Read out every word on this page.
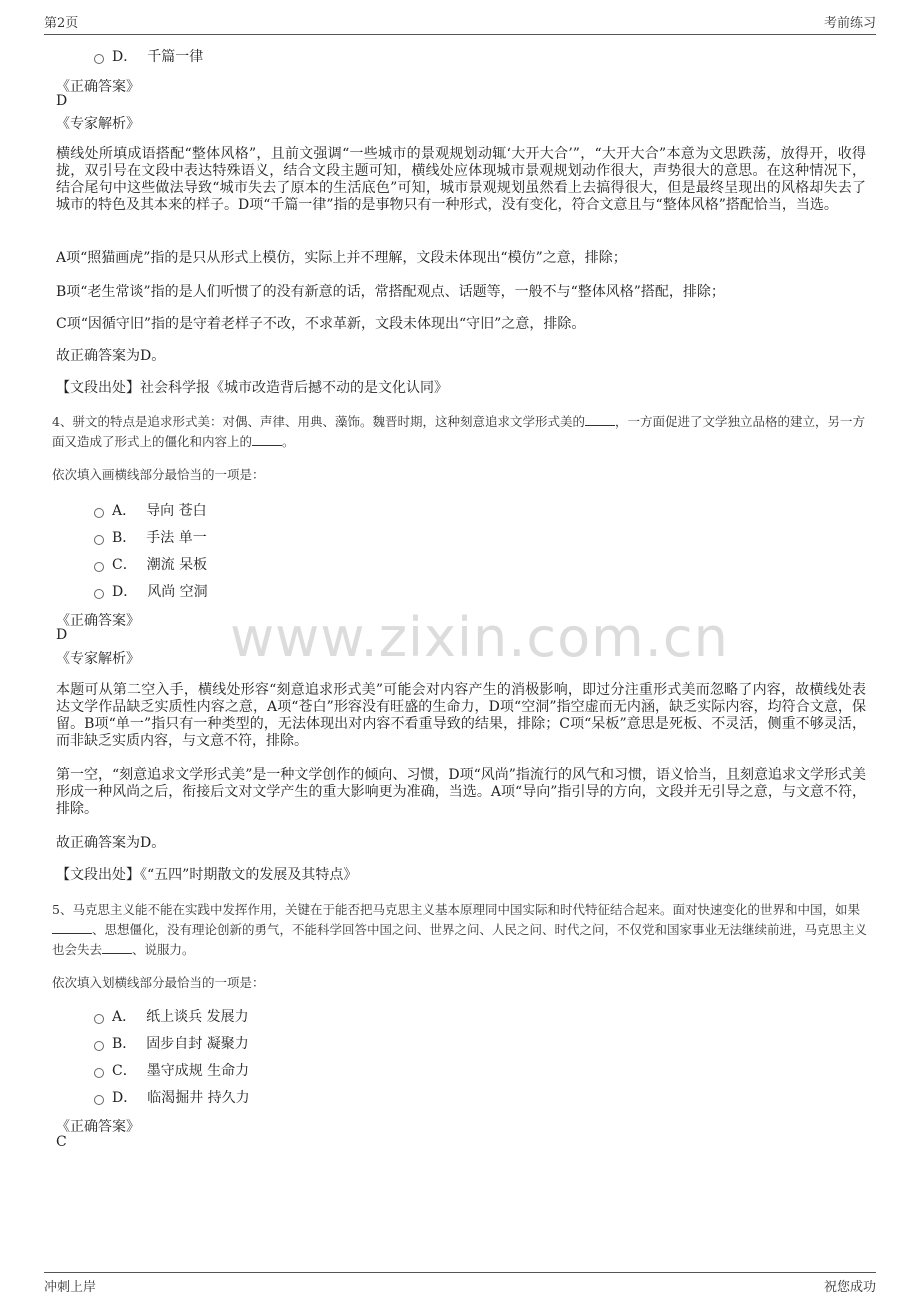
第2页	考前练习
www.zixin.com.cn
D． 千篇一律
《正确答案》
D
《专家解析》
横线处所填成语搭配“整体风格”，且前文强调“一些城市的景观规划动辄‘大开大合’”，“大开大合”本意为文思跌荡，放得开，收得拢，双引号在文段中表达特殊语义，结合文段主题可知，横线处应体现城市景观规划动作很大，声势很大的意思。在这种情况下，结合尾句中这些做法导致“城市失去了原本的生活底色”可知，城市景观规划虽然看上去搞得很大，但是最终呈现出的风格却失去了城市的特色及其本来的样子。D项“千篇一律”指的是事物只有一种形式，没有变化，符合文意且与“整体风格”搭配恰当，当选。
A项“照猫画虎”指的是只从形式上模仿，实际上并不理解，文段未体现出“模仿”之意，排除；
B项“老生常谈”指的是人们听惯了的没有新意的话，常搭配观点、话题等，一般不与“整体风格”搭配，排除；
C项“因循守旧”指的是守着老样子不改，不求革新，文段未体现出“守旧”之意，排除。
故正确答案为D。
【文段出处】社会科学报《城市改造背后撼不动的是文化认同》
4、骈文的特点是追求形式美：对偶、声律、用典、藻饰。魏晋时期，这种刻意追求文学形式美的 ，一方面促进了文学独立品格的建立，另一方面又造成了形式上的僵化和内容上的 。
依次填入画横线部分最恰当的一项是：
A． 导向 苍白
B． 手法 单一
C． 潮流 呆板
D． 风尚 空洞
《正确答案》
D
《专家解析》
本题可从第二空入手，横线处形容“刻意追求形式美”可能会对内容产生的消极影响，即过分注重形式美而忽略了内容，故横线处表达文学作品缺乏实质性内容之意，A项“苍白”形容没有旺盛的生命力，D项“空洞”指空虚而无内涵，缺乏实际内容，均符合文意，保留。B项“单一”指只有一种类型的，无法体现出对内容不看重导致的结果，排除；C项“呆板”意思是死板、不灵活，侧重不够灵活，而非缺乏实质内容，与文意不符，排除。
第一空，“刻意追求文学形式美”是一种文学创作的倾向、习惯，D项“风尚”指流行的风气和习惯，语义恰当，且刻意追求文学形式美形成一种风尚之后，衔接后文对文学产生的重大影响更为准确，当选。A项“导向”指引导的方向，文段并无引导之意，与文意不符，排除。
故正确答案为D。
【文段出处】《“五四”时期散文的发展及其特点》
5、马克思主义能不能在实践中发挥作用，关键在于能否把马克思主义基本原理同中国实际和时代特征结合起来。面对快速变化的世界和中国，如果、思想僵化，没有理论创新的勇气，不能科学回答中国之问、世界之问、人民之问、时代之问，不仅党和国家事业无法继续前进，马克思主义也会失去 、说服力。
依次填入划横线部分最恰当的一项是：
A． 纸上谈兵 发展力
B． 固步自封 凝聚力
C． 墨守成规 生命力
D． 临渴掘井 持久力
《正确答案》
C
冲刺上岸	祝您成功
